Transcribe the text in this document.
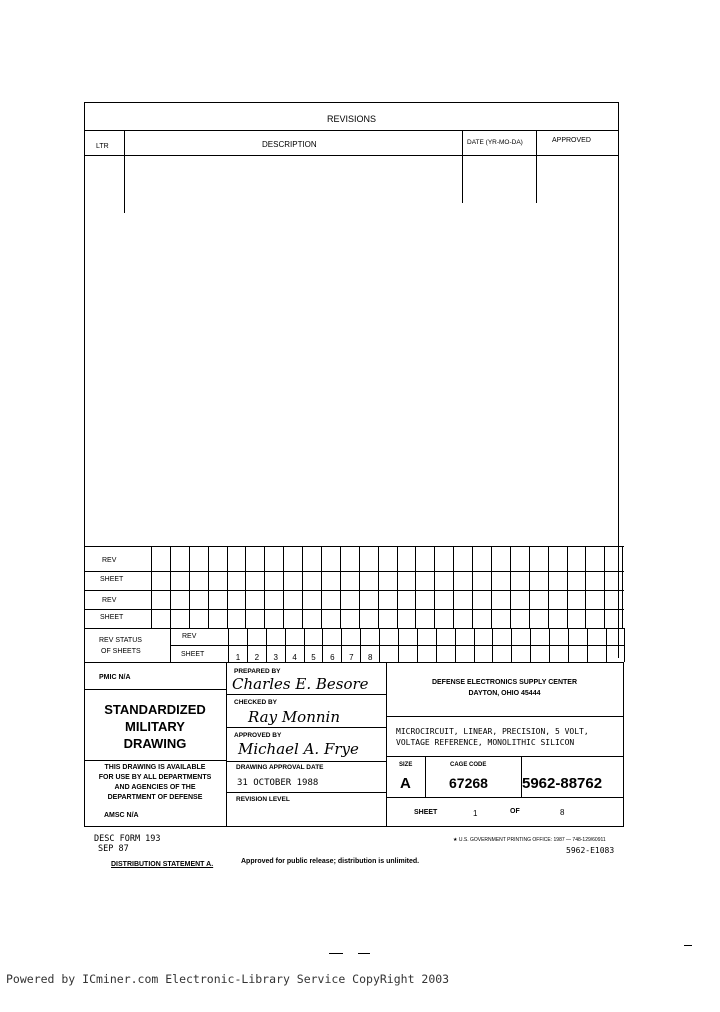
REVISIONS
LTR	DESCRIPTION	DATE (YR-MO-DA)	APPROVED
REV
SHEET
REV
SHEET
REV STATUS
OF SHEETS
REV
SHEET	1	2	3	4	5	6	7	8
PMIC N/A
STANDARDIZED
MILITARY
DRAWING
THIS DRAWING IS AVAILABLE
FOR USE BY ALL DEPARTMENTS
AND AGENCIES OF THE
DEPARTMENT OF DEFENSE
AMSC N/A
PREPARED BY
Charles E. Besore
CHECKED BY
Ray Monnin
APPROVED BY
Michael A. Frye
DRAWING APPROVAL DATE
31 OCTOBER 1988
REVISION LEVEL
DEFENSE ELECTRONICS SUPPLY CENTER
DAYTON, OHIO 45444
MICROCIRCUIT, LINEAR, PRECISION, 5 VOLT,
VOLTAGE REFERENCE, MONOLITHIC SILICON
SIZE
A
CAGE CODE
67268 5962-88762
SHEET	1	OF	8
DESC FORM 193
SEP 87
★ U.S. GOVERNMENT PRINTING OFFICE: 1987 — 748-129/60911
5962-E1083
DISTRIBUTION STATEMENT A.	Approved for public release; distribution is unlimited.
Powered by ICminer.com Electronic-Library Service CopyRight 2003
